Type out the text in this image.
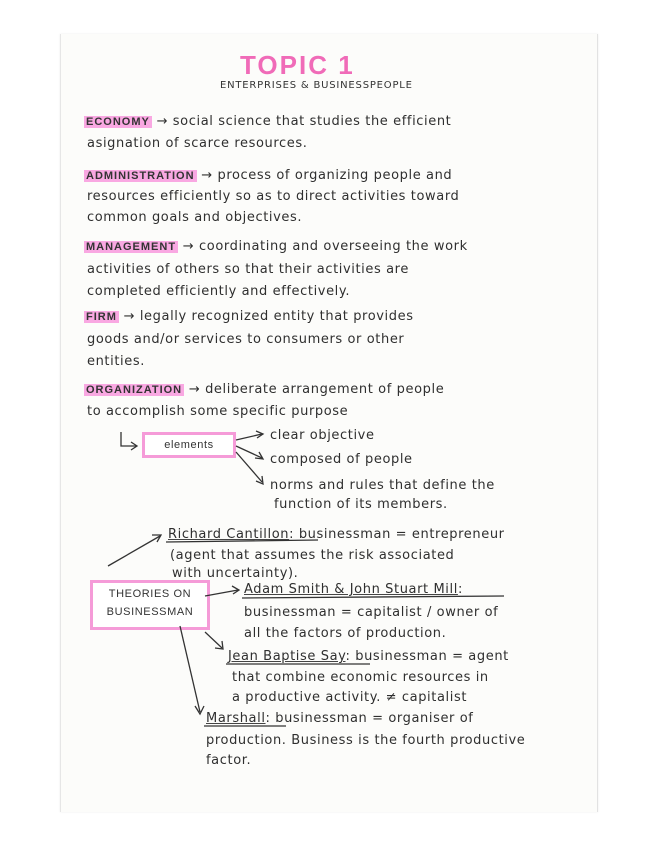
TOPIC 1
ENTERPRISES & BUSINESSPEOPLE
ECONOMY → social science that studies the efficient
asignation of scarce resources.
ADMINISTRATION → process of organizing people and
resources efficiently so as to direct activities toward
common goals and objectives.
MANAGEMENT → coordinating and overseeing the work
activities of others so that their activities are
completed efficiently and effectively.
FIRM → legally recognized entity that provides
goods and/or services to consumers or other
entities.
ORGANIZATION → deliberate arrangement of people
to accomplish some specific purpose
elements
clear objective
composed of people
norms and rules that define the
function of its members.
THEORIES ON
BUSINESSMAN
Richard Cantillon: businessman = entrepreneur
(agent that assumes the risk associated
with uncertainty).
Adam Smith & John Stuart Mill:
businessman = capitalist / owner of
all the factors of production.
Jean Baptise Say: businessman = agent
that combine economic resources in
a productive activity. ≠ capitalist
Marshall: businessman = organiser of
production. Business is the fourth productive
factor.
